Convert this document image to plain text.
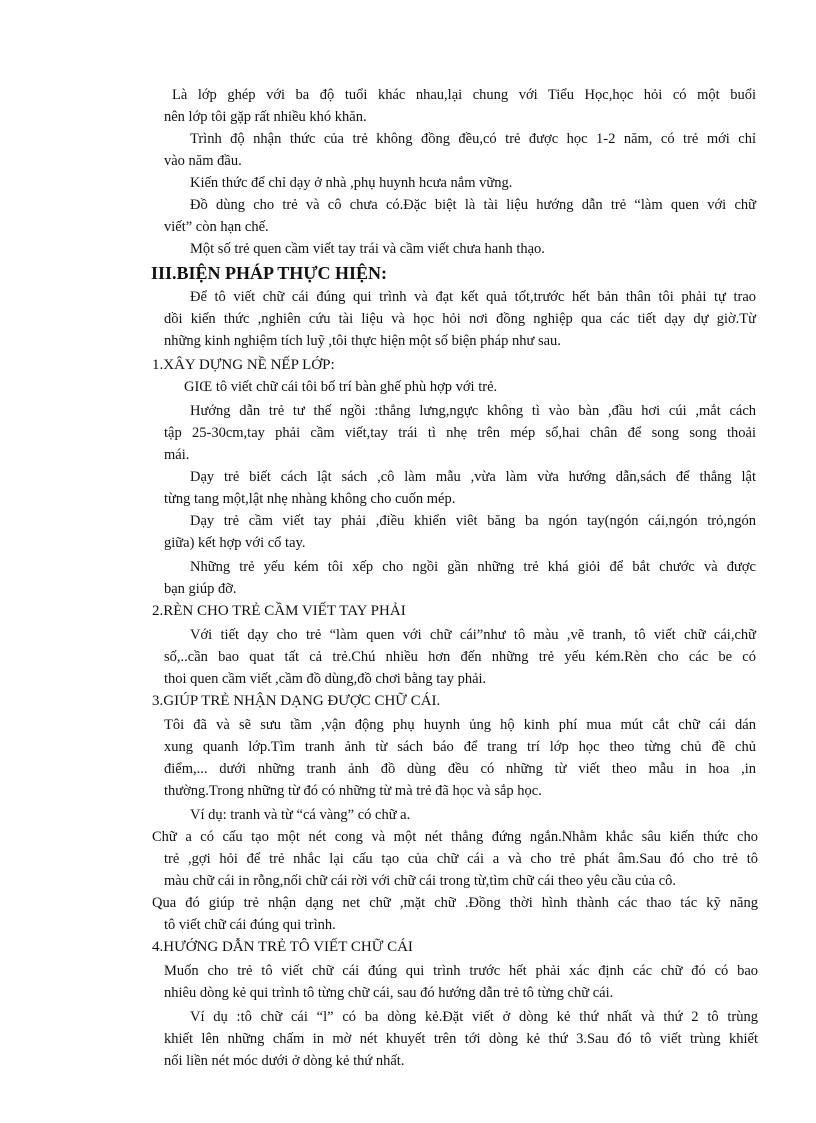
Là lớp ghép với ba độ tuổi khác nhau,lại chung với Tiểu Học,học hỏi có một buổi
nên lớp tôi gặp rất nhiều khó khăn.
Trình độ nhận thức của trẻ không đồng đều,có trẻ được học 1-2 năm, có trẻ mới chỉ
vào năm đầu.
Kiến thức để chỉ dạy ở nhà ,phụ huynh hcưa nắm vững.
Đồ dùng cho trẻ và cô chưa có.Đặc biệt là tài liệu hướng dẫn trẻ “làm quen với chữ
viết” còn hạn chế.
Một số trẻ quen cầm viết tay trái và cầm viết chưa hanh thạo.
III.BIỆN PHÁP THỰC HIỆN:
Để tô viết chữ cái đúng qui trình và đạt kết quả tốt,trước hết bản thân tôi phải tự trao
dồi kiến thức ,nghiên cứu tài liệu và học hỏi nơi đồng nghiệp qua các tiết dạy dự giờ.Từ
những kinh nghiệm tích luỹ ,tôi thực hiện một số biện pháp như sau.
1.XÂY DỰNG NỀ NẾP LỚP:
GIŒ tô viết chữ cái tôi bố trí bàn ghế phù hợp với trẻ.
Hướng dẫn trẻ tư thế ngồi :thẳng lưng,ngực không tì vào bàn ,đầu hơi cúi ,mắt cách
tập 25-30cm,tay phải cầm viết,tay trái tì nhẹ trên mép sổ,hai chân để song song thoải
mái.
Dạy trẻ biết cách lật sách ,cô làm mẫu ,vừa làm vừa hướng dẫn,sách để thẳng lật
từng tang một,lật nhẹ nhàng không cho cuốn mép.
Dạy trẻ cầm viết tay phải ,điều khiển viêt băng ba ngón tay(ngón cái,ngón trỏ,ngón
giữa) kết hợp với cổ tay.
Những trẻ yếu kém tôi xếp cho ngồi gần những trẻ khá giỏi để bắt chước và được
bạn giúp đỡ.
2.RÈN CHO TRẺ CẦM VIẾT TAY PHẢI
Với tiết dạy cho trẻ “làm quen với chữ cái”như tô màu ,vẽ tranh, tô viết chữ cái,chữ
số,..cần bao quat tất cả trẻ.Chú nhiều hơn đến những trẻ yếu kém.Rèn cho các be có
thoi quen cầm viết ,cầm đồ dùng,đồ chơi bằng tay phải.
3.GIÚP TRẺ NHẬN DẠNG ĐƯỢC CHỮ CÁI.
Tôi đã và sẽ sưu tầm ,vận động phụ huynh ủng hộ kinh phí mua mút cắt chữ cái dán
xung quanh lớp.Tìm tranh ảnh từ sách báo để trang trí lớp học theo từng chủ đề chủ
điểm,... dưới những tranh ảnh đồ dùng đều có những từ viết theo mẫu in hoa ,in
thường.Trong những từ đó có những từ mà trẻ đã học và sắp học.
Ví dụ: tranh và từ “cá vàng” có chữ a.
Chữ a có cấu tạo một nét cong và một nét thẳng đứng ngắn.Nhằm khắc sâu kiến thức cho
trẻ ,gợi hỏi để trẻ nhắc lại cấu tạo của chữ cái a và cho trẻ phát âm.Sau đó cho trẻ tô
màu chữ cái in rỗng,nối chữ cái rời với chữ cái trong từ,tìm chữ cái theo yêu cầu của cô.
Qua đó giúp trẻ nhận dạng net chữ ,mặt chữ .Đồng thời hình thành các thao tác kỹ năng
tô viết chữ cái đúng qui trình.
4.HƯỚNG DẪN TRẺ TÔ VIẾT CHỮ CÁI
Muốn cho trẻ tô viết chữ cái đúng qui trình trước hết phải xác định các chữ đó có bao
nhiêu dòng kẻ qui trình tô từng chữ cái, sau đó hướng dẫn trẻ tô từng chữ cái.
Ví dụ :tô chữ cái “l” có ba dòng kẻ.Đặt viết ở dòng kẻ thứ nhất và thứ 2 tô trùng
khiết lên những chấm in mờ nét khuyết trên tới dòng kẻ thứ 3.Sau đó tô viết trùng khiết
nối liền nét móc dưới ở dòng kẻ thứ nhất.
